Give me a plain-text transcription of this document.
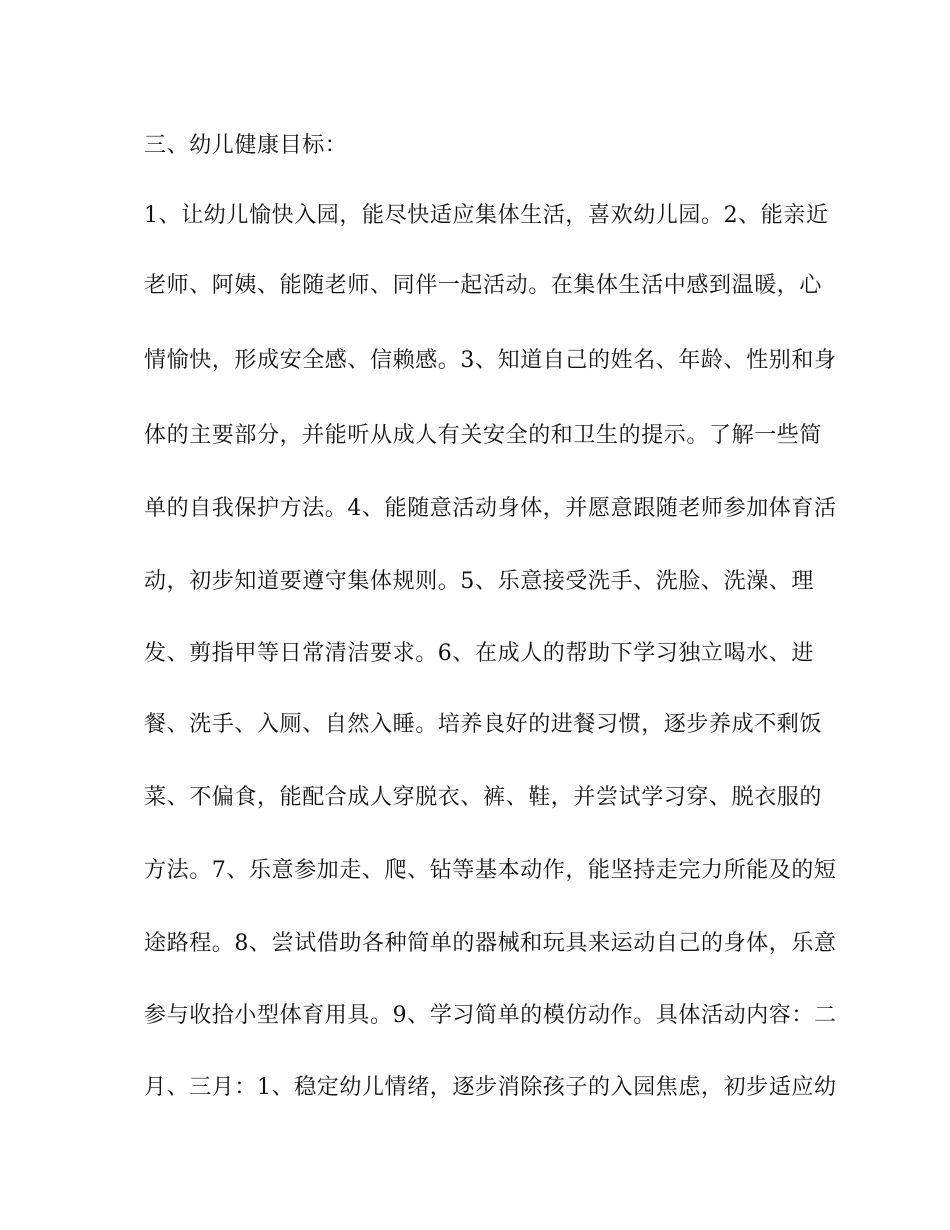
三、幼儿健康目标：
1、让幼儿愉快入园，能尽快适应集体生活，喜欢幼儿园。2、能亲近
老师、阿姨、能随老师、同伴一起活动。在集体生活中感到温暖，心
情愉快，形成安全感、信赖感。3、知道自己的姓名、年龄、性别和身
体的主要部分，并能听从成人有关安全的和卫生的提示。了解一些简
单的自我保护方法。4、能随意活动身体，并愿意跟随老师参加体育活
动，初步知道要遵守集体规则。5、乐意接受洗手、洗脸、洗澡、理
发、剪指甲等日常清洁要求。6、在成人的帮助下学习独立喝水、进
餐、洗手、入厕、自然入睡。培养良好的进餐习惯，逐步养成不剩饭
菜、不偏食，能配合成人穿脱衣、裤、鞋，并尝试学习穿、脱衣服的
方法。7、乐意参加走、爬、钻等基本动作，能坚持走完力所能及的短
途路程。8、尝试借助各种简单的器械和玩具来运动自己的身体，乐意
参与收拾小型体育用具。9、学习简单的模仿动作。具体活动内容：二
月、三月：1、稳定幼儿情绪，逐步消除孩子的入园焦虑，初步适应幼
